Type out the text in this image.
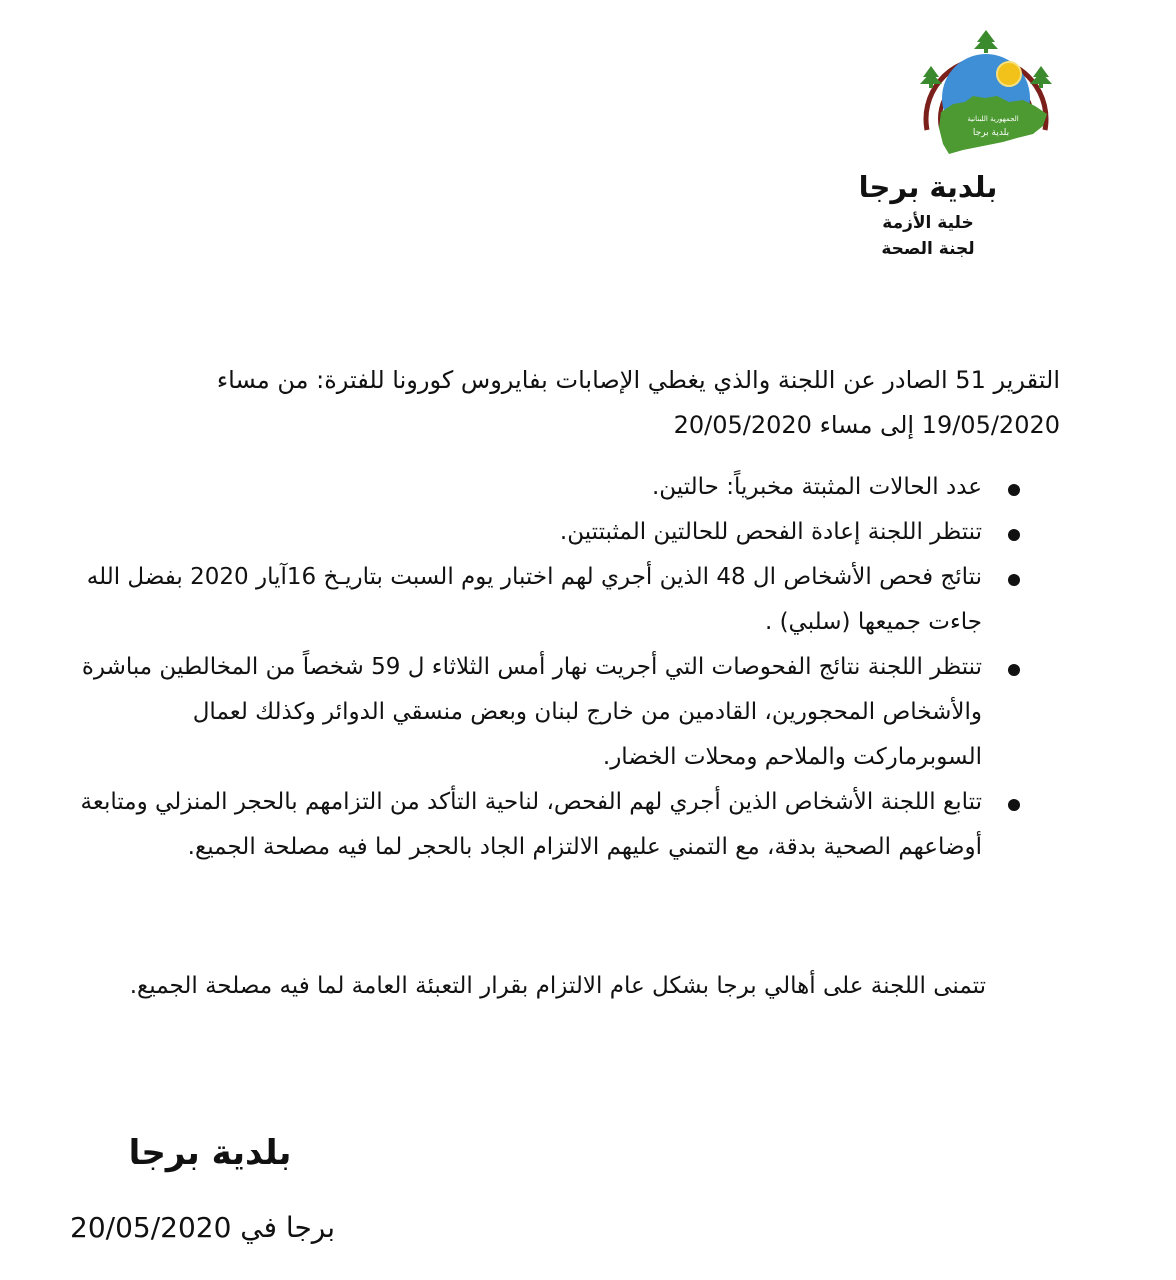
الجمهورية اللبنانية
بلدية برجا
بلدية برجا
خلية الأزمة
لجنة الصحة
التقرير 51 الصادر عن اللجنة والذي يغطي الإصابات بفايروس كورونا للفترة: من مساء 19/05/2020 إلى مساء 20/05/2020
عدد الحالات المثبتة مخبرياً: حالتين.
تنتظر اللجنة إعادة الفحص للحالتين المثبتتين.
نتائج فحص الأشخاص ال 48 الذين أجري لهم اختبار يوم السبت بتاريـخ 16آيار 2020 بفضل الله جاءت جميعها (سلبي) .
تنتظر اللجنة نتائج الفحوصات التي أجريت نهار أمس الثلاثاء ل 59 شخصاً من المخالطين مباشرة والأشخاص المحجورين، القادمين من خارج لبنان وبعض منسقي الدوائر وكذلك لعمال السوبرماركت والملاحم ومحلات الخضار.
تتابع اللجنة الأشخاص الذين أجري لهم الفحص، لناحية التأكد من التزامهم بالحجر المنزلي ومتابعة أوضاعهم الصحية بدقة، مع التمني عليهم الالتزام الجاد بالحجر لما فيه مصلحة الجميع.
تتمنى اللجنة على أهالي برجا بشكل عام الالتزام بقرار التعبئة العامة لما فيه مصلحة الجميع.
بلدية برجا
برجا في 20/05/2020
